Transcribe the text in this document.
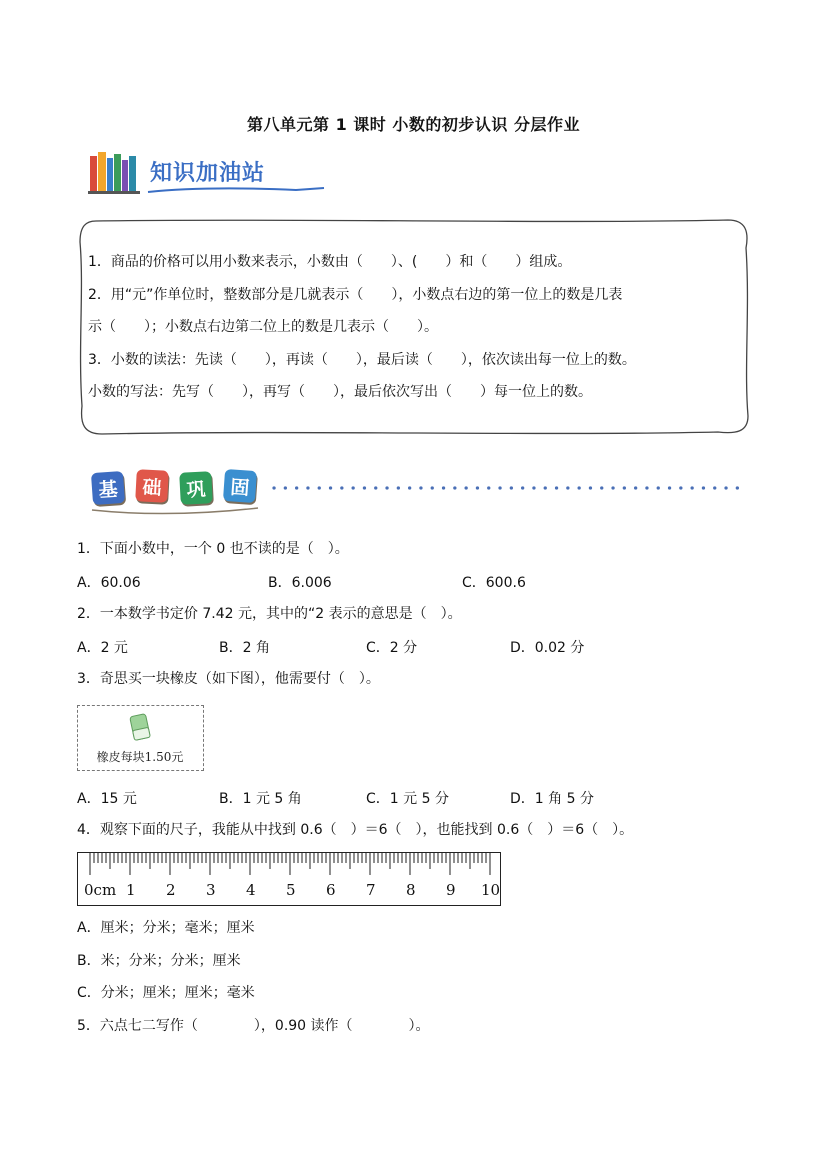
第八单元第 1 课时 小数的初步认识 分层作业
知识加油站
1．商品的价格可以用小数来表示，小数由（　　）、(　　）和（　　）组成。
2．用“元”作单位时，整数部分是几就表示（　　），小数点右边的第一位上的数是几表
示（　　）；小数点右边第二位上的数是几表示（　　）。
3．小数的读法：先读（　　），再读（　　），最后读（　　），依次读出每一位上的数。
小数的写法：先写（　　），再写（　　），最后依次写出（　　）每一位上的数。
基	础	巩	固
1．下面小数中，一个 0 也不读的是（　）。
A．60.06	B．6.006	C．600.6
2．一本数学书定价 7.42 元，其中的“2 表示的意思是（　）。
A．2 元	B．2 角	C．2 分	D．0.02 分
3．奇思买一块橡皮（如下图），他需要付（　）。
橡皮每块1.50元
A．15 元	B．1 元 5 角	C．1 元 5 分	D．1 角 5 分
4．观察下面的尺子，我能从中找到 0.6（　）＝6（　），也能找到 0.6（　）＝6（　）。
0cm 1 2 3 4 5 6 7 8 9 10
A．厘米；分米；毫米；厘米
B．米；分米；分米；厘米
C．分米；厘米；厘米；毫米
5．六点七二写作（　　　　），0.90 读作（　　　　）。
